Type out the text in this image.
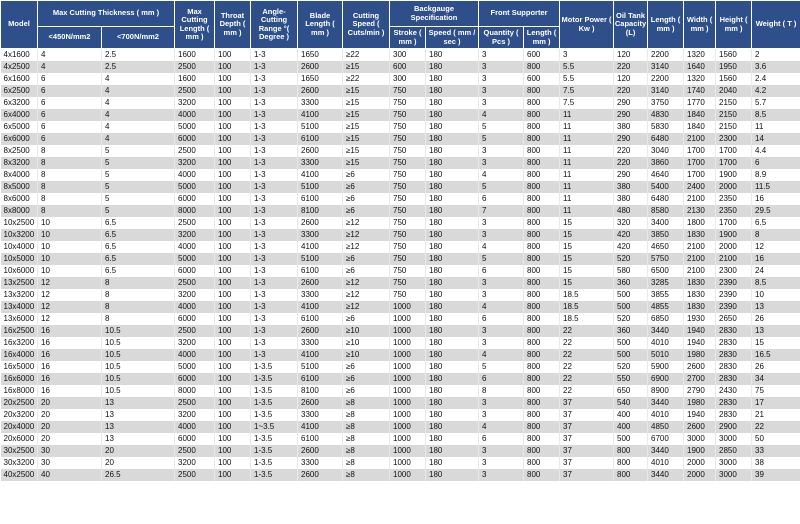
Model	Max Cutting Thickness ( mm )		Max Cutting Length ( mm )	Throat Depth ( mm )	Angle-Cutting Range °( Degree )	Blade Length ( mm )	Cutting Speed ( Cuts/min )	Backgauge Specification		Front Supporter		Motor Power ( Kw )	Oil Tank Capacity (L)	Length ( mm )	Width ( mm )	Height ( mm )	Weight ( T )
	<450N/mm2	<700N/mm2						Stroke ( mm )	Speed ( mm / sec )	Quantity ( Pcs )	Length ( mm )						
4x1600	4	2.5	1600	100	1-3	1650	≥22	300	180	3	600	3	120	2200	1320	1560	2
4x2500	4	2.5	2500	100	1-3	2600	≥15	600	180	3	800	5.5	220	3140	1640	1950	3.6
6x1600	6	4	1600	100	1-3	1650	≥22	300	180	3	600	5.5	120	2200	1320	1560	2.4
6x2500	6	4	2500	100	1-3	2600	≥15	750	180	3	800	7.5	220	3140	1740	2040	4.2
6x3200	6	4	3200	100	1-3	3300	≥15	750	180	3	800	7.5	290	3750	1770	2150	5.7
6x4000	6	4	4000	100	1-3	4100	≥15	750	180	4	800	11	290	4830	1840	2150	8.5
6x5000	6	4	5000	100	1-3	5100	≥15	750	180	5	800	11	380	5830	1840	2150	11
6x6000	6	4	6000	100	1-3	6100	≥15	750	180	5	800	11	290	6480	2100	2300	14
8x2500	8	5	2500	100	1-3	2600	≥15	750	180	3	800	11	220	3040	1700	1700	4.4
8x3200	8	5	3200	100	1-3	3300	≥15	750	180	3	800	11	220	3860	1700	1700	6
8x4000	8	5	4000	100	1-3	4100	≥6	750	180	4	800	11	290	4640	1700	1900	8.9
8x5000	8	5	5000	100	1-3	5100	≥6	750	180	5	800	11	380	5400	2400	2000	11.5
8x6000	8	5	6000	100	1-3	6100	≥6	750	180	6	800	11	380	6480	2100	2350	16
8x8000	8	5	8000	100	1-3	8100	≥6	750	180	7	800	11	480	8580	2130	2350	29.5
10x2500	10	6.5	2500	100	1-3	2600	≥12	750	180	3	800	15	320	3400	1800	1700	6.5
10x3200	10	6.5	3200	100	1-3	3300	≥12	750	180	3	800	15	420	3850	1830	1900	8
10x4000	10	6.5	4000	100	1-3	4100	≥12	750	180	4	800	15	420	4650	2100	2000	12
10x5000	10	6.5	5000	100	1-3	5100	≥6	750	180	5	800	15	520	5750	2100	2100	16
10x6000	10	6.5	6000	100	1-3	6100	≥6	750	180	6	800	15	580	6500	2100	2300	24
13x2500	12	8	2500	100	1-3	2600	≥12	750	180	3	800	15	360	3285	1830	2390	8.5
13x3200	12	8	3200	100	1-3	3300	≥12	750	180	3	800	18.5	500	3855	1830	2390	10
13x4000	12	8	4000	100	1-3	4100	≥12	1000	180	4	800	18.5	500	4855	1830	2390	13
13x6000	12	8	6000	100	1-3	6100	≥6	1000	180	6	800	18.5	520	6850	1930	2650	26
16x2500	16	10.5	2500	100	1-3	2600	≥10	1000	180	3	800	22	360	3440	1940	2830	13
16x3200	16	10.5	3200	100	1-3	3300	≥10	1000	180	3	800	22	500	4010	1940	2830	15
16x4000	16	10.5	4000	100	1-3	4100	≥10	1000	180	4	800	22	500	5010	1980	2830	16.5
16x5000	16	10.5	5000	100	1-3.5	5100	≥6	1000	180	5	800	22	520	5900	2600	2830	26
16x6000	16	10.5	6000	100	1-3.5	6100	≥6	1000	180	6	800	22	550	6900	2700	2830	34
16x8000	16	10.5	8000	100	1-3.5	8100	≥6	1000	180	8	800	22	650	8900	2790	2430	75
20x2500	20	13	2500	100	1-3.5	2600	≥8	1000	180	3	800	37	540	3440	1980	2830	17
20x3200	20	13	3200	100	1-3.5	3300	≥8	1000	180	3	800	37	400	4010	1940	2830	21
20x4000	20	13	4000	100	1~3.5	4100	≥8	1000	180	4	800	37	400	4850	2600	2900	22
20x6000	20	13	6000	100	1-3.5	6100	≥8	1000	180	6	800	37	500	6700	3000	3000	50
30x2500	30	20	2500	100	1-3.5	2600	≥8	1000	180	3	800	37	800	3440	1900	2850	33
30x3200	30	20	3200	100	1-3.5	3300	≥8	1000	180	3	800	37	800	4010	2000	3000	38
40x2500	40	26.5	2500	100	1-3.5	2600	≥8	1000	180	3	800	37	800	3440	2000	3000	39
